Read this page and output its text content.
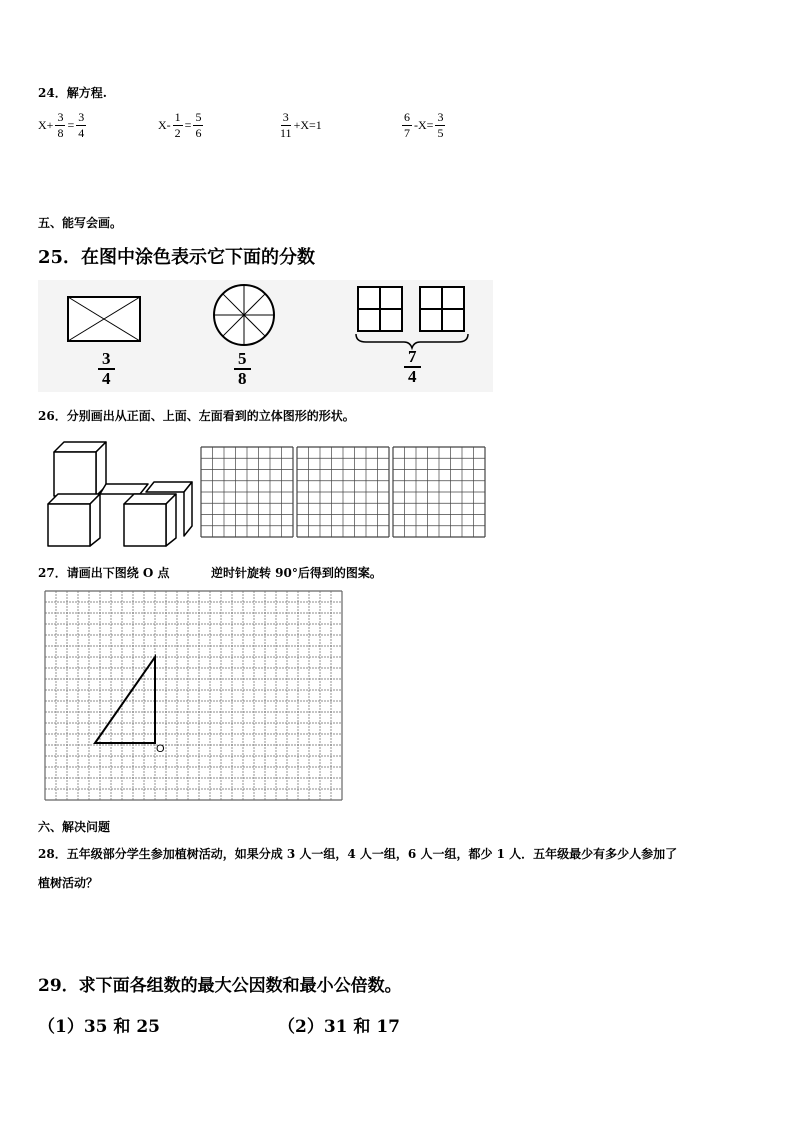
24．解方程.
$X+ \frac{3}{8} = \frac{3}{4}$	$X- \frac{1}{2} = \frac{5}{6}$	$\frac{3}{11} +X=1$	$\frac{6}{7} -X= \frac{3}{5}$
五、能写会画。
25．在图中涂色表示它下面的分数
3
4
5
8
7
4
26．分别画出从正面、上面、左面看到的立体图形的形状。
27．请画出下图绕 O 点	逆时针旋转 90°后得到的图案。
O
六、解决问题
28．五年级部分学生参加植树活动，如果分成 3 人一组，4 人一组，6 人一组，都少 1 人．五年级最少有多少人参加了
植树活动？
29．求下面各组数的最大公因数和最小公倍数。
（1）35 和 25	（2）31 和 17
